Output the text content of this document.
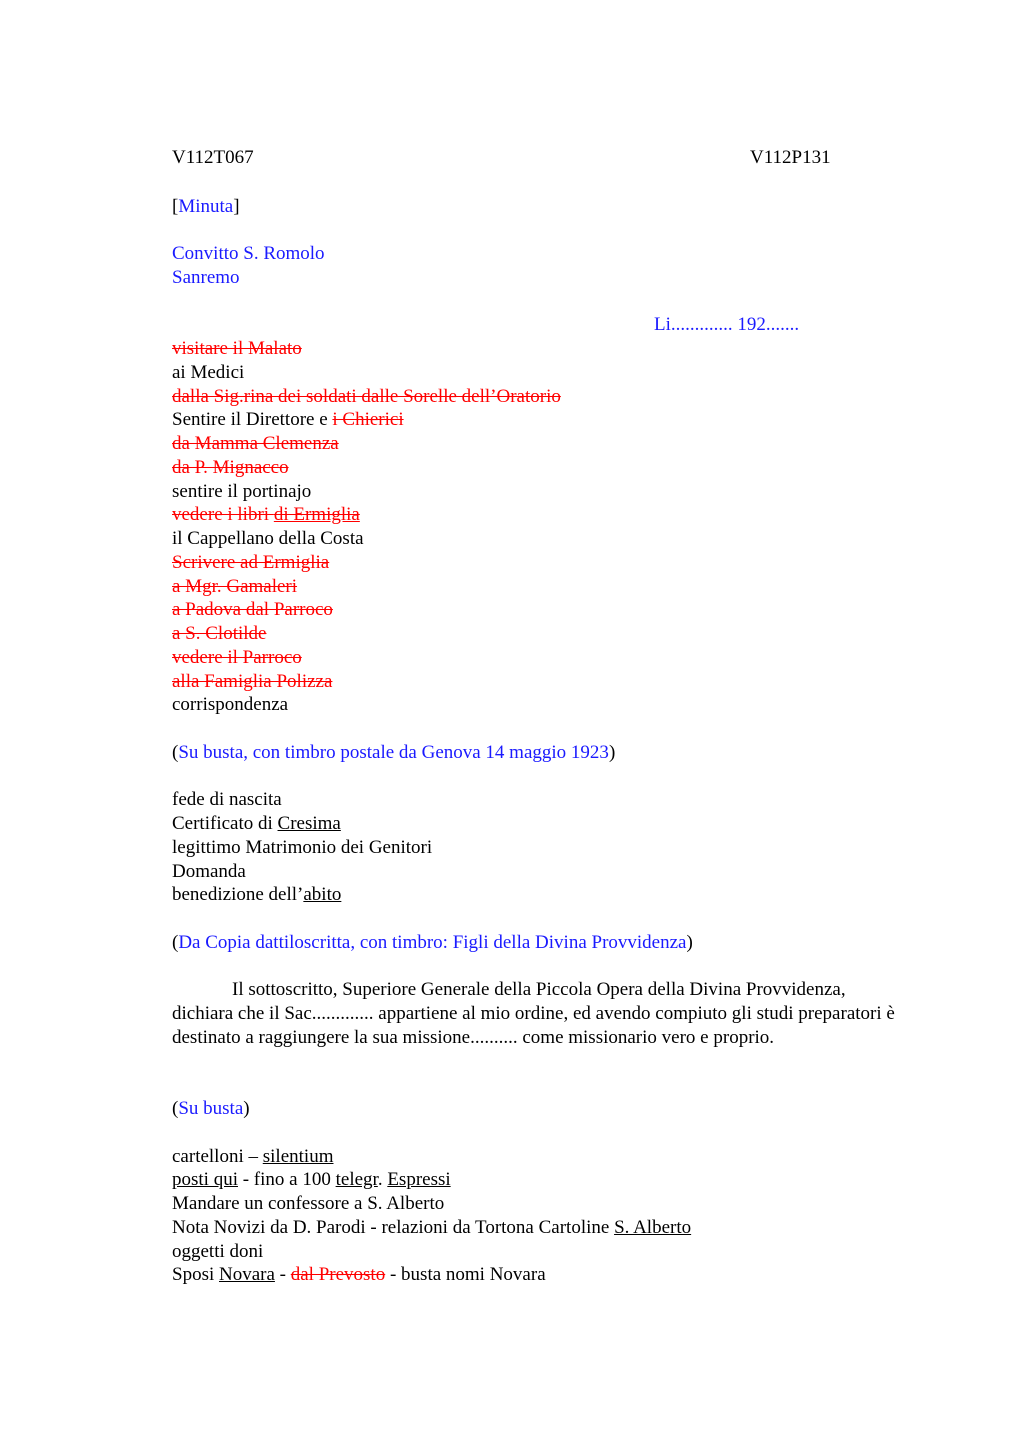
V112T067	V112P131
[Minuta]
Convitto S. Romolo
Sanremo
Li............. 192.......
visitare il Malato
ai Medici
dalla Sig.rina dei soldati dalle Sorelle dell’Oratorio
Sentire il Direttore e i Chierici
da Mamma Clemenza
da P. Mignacco
sentire il portinajo
vedere i libri di Ermiglia
il Cappellano della Costa
Scrivere ad Ermiglia
a Mgr. Gamaleri
a Padova dal Parroco
a S. Clotilde
vedere il Parroco
alla Famiglia Polizza
corrispondenza
(Su busta, con timbro postale da Genova 14 maggio 1923)
fede di nascita
Certificato di Cresima
legittimo Matrimonio dei Genitori
Domanda
benedizione dell’abito
(Da Copia dattiloscritta, con timbro: Figli della Divina Provvidenza)
Il sottoscritto, Superiore Generale della Piccola Opera della Divina Provvidenza, dichiara che il Sac............. appartiene al mio ordine, ed avendo compiuto gli studi preparatori è destinato a raggiungere la sua missione.......... come missionario vero e proprio.
(Su busta)
cartelloni – silentium
posti qui - fino a 100 telegr. Espressi
Mandare un confessore a S. Alberto
Nota Novizi da D. Parodi - relazioni da Tortona Cartoline S. Alberto
oggetti doni
Sposi Novara - dal Prevosto - busta nomi Novara
